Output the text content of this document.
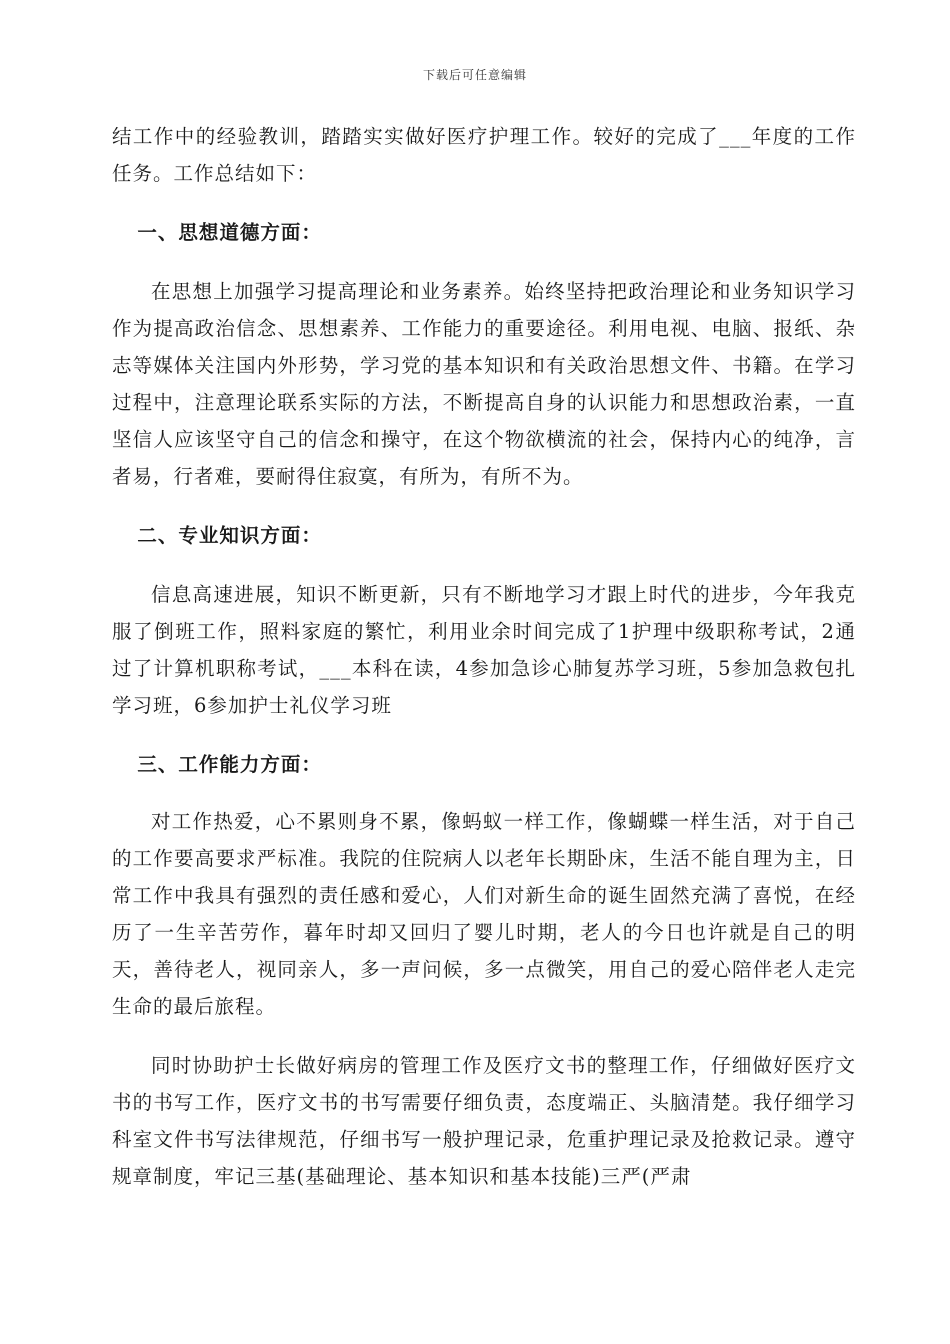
下载后可任意编辑

结工作中的经验教训，踏踏实实做好医疗护理工作。较好的完成了___年度的工作任务。工作总结如下：

一、思想道德方面：

在思想上加强学习提高理论和业务素养。始终坚持把政治理论和业务知识学习作为提高政治信念、思想素养、工作能力的重要途径。利用电视、电脑、报纸、杂志等媒体关注国内外形势，学习党的基本知识和有关政治思想文件、书籍。在学习过程中，注意理论联系实际的方法，不断提高自身的认识能力和思想政治素，一直坚信人应该坚守自己的信念和操守，在这个物欲横流的社会，保持内心的纯净，言者易，行者难，要耐得住寂寞，有所为，有所不为。

二、专业知识方面：

信息高速进展，知识不断更新，只有不断地学习才跟上时代的进步，今年我克服了倒班工作，照料家庭的繁忙，利用业余时间完成了1护理中级职称考试，2通过了计算机职称考试，___本科在读，4参加急诊心肺复苏学习班，5参加急救包扎学习班，6参加护士礼仪学习班

三、工作能力方面：

对工作热爱，心不累则身不累，像蚂蚁一样工作，像蝴蝶一样生活，对于自己的工作要高要求严标准。我院的住院病人以老年长期卧床，生活不能自理为主，日常工作中我具有强烈的责任感和爱心，人们对新生命的诞生固然充满了喜悦，在经历了一生辛苦劳作，暮年时却又回归了婴儿时期，老人的今日也许就是自己的明天，善待老人，视同亲人，多一声问候，多一点微笑，用自己的爱心陪伴老人走完生命的最后旅程。

同时协助护士长做好病房的管理工作及医疗文书的整理工作，仔细做好医疗文书的书写工作，医疗文书的书写需要仔细负责，态度端正、头脑清楚。我仔细学习科室文件书写法律规范，仔细书写一般护理记录，危重护理记录及抢救记录。遵守规章制度，牢记三基(基础理论、基本知识和基本技能)三严(严肃
